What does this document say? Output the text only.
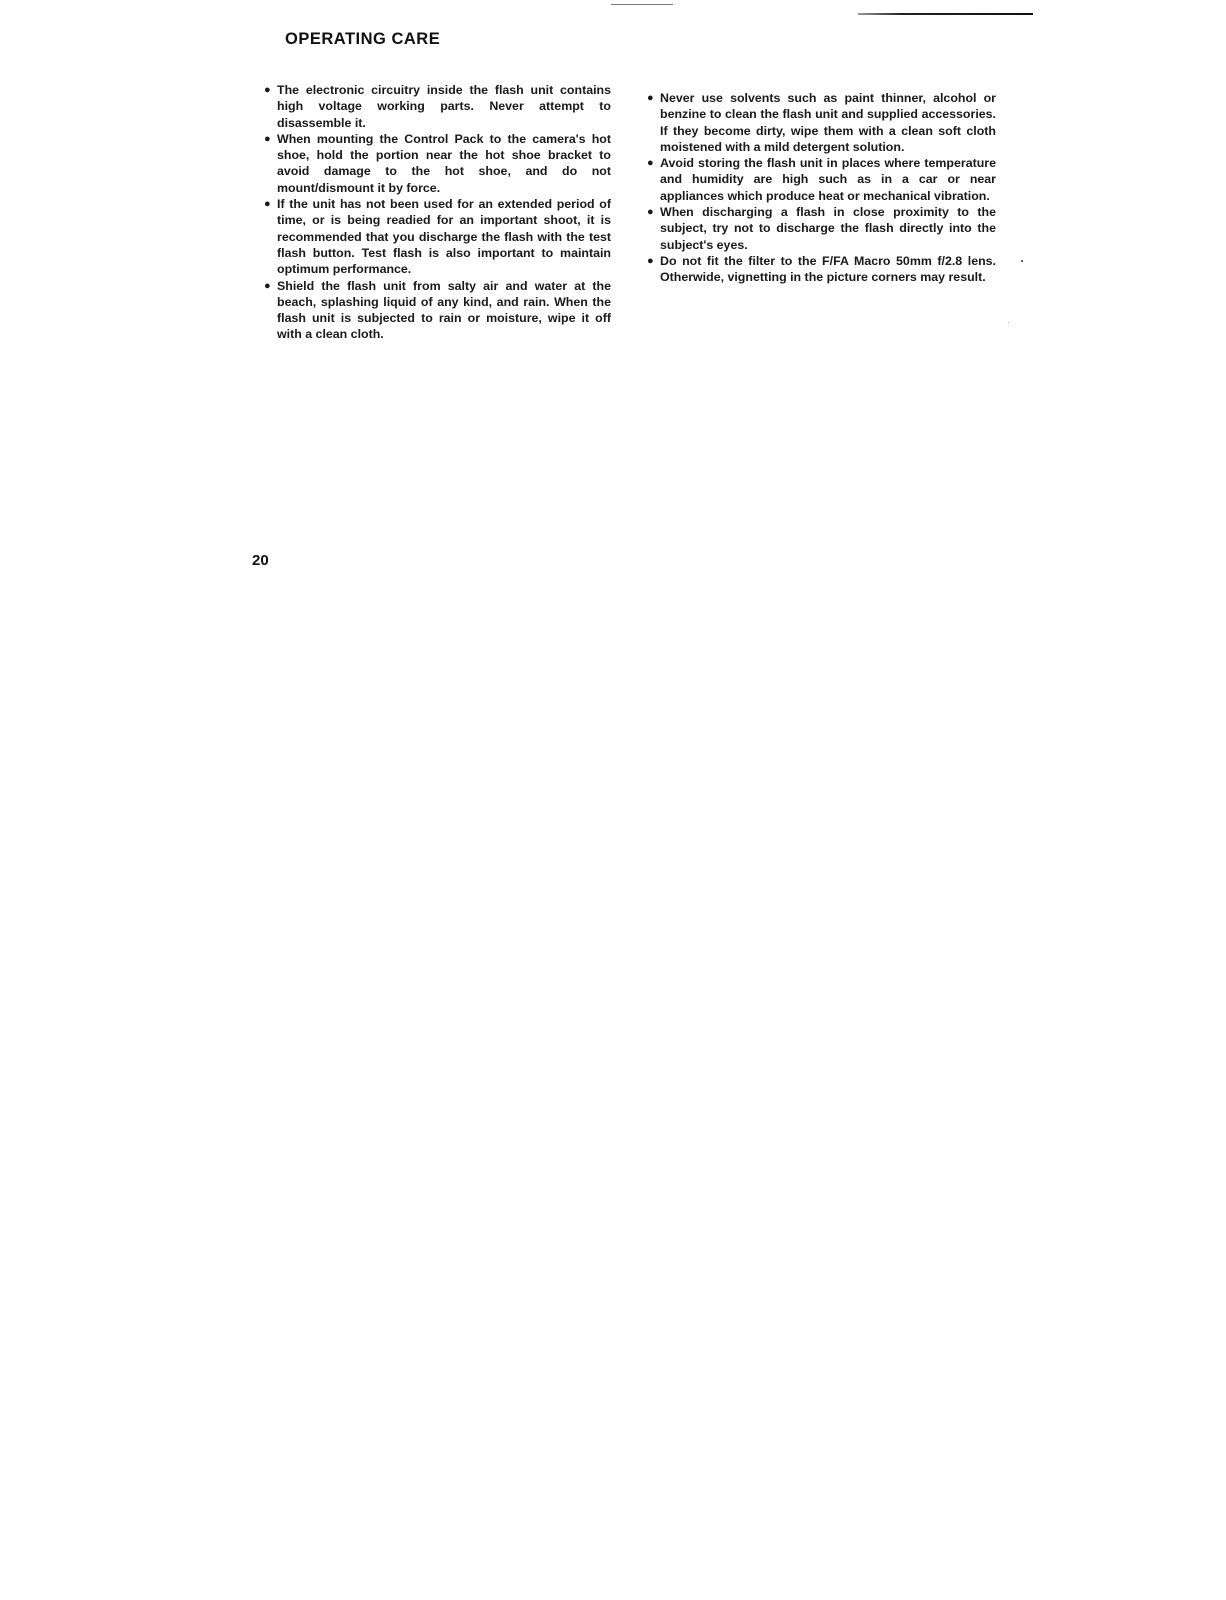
OPERATING CARE
● The electronic circuitry inside the flash unit contains high voltage working parts. Never attempt to disassemble it.
● When mounting the Control Pack to the camera's hot shoe, hold the portion near the hot shoe bracket to avoid damage to the hot shoe, and do not mount/dismount it by force.
● If the unit has not been used for an extended period of time, or is being readied for an important shoot, it is recommended that you discharge the flash with the test flash button. Test flash is also important to maintain optimum performance.
● Shield the flash unit from salty air and water at the beach, splashing liquid of any kind, and rain. When the flash unit is subjected to rain or moisture, wipe it off with a clean cloth.
● Never use solvents such as paint thinner, alcohol or benzine to clean the flash unit and supplied accessories. If they become dirty, wipe them with a clean soft cloth moistened with a mild detergent solution.
● Avoid storing the flash unit in places where temperature and humidity are high such as in a car or near appliances which produce heat or mechanical vibration.
● When discharging a flash in close proximity to the subject, try not to discharge the flash directly into the subject's eyes.
● Do not fit the filter to the F/FA Macro 50mm f/2.8 lens. Otherwide, vignetting in the picture corners may result.
20
